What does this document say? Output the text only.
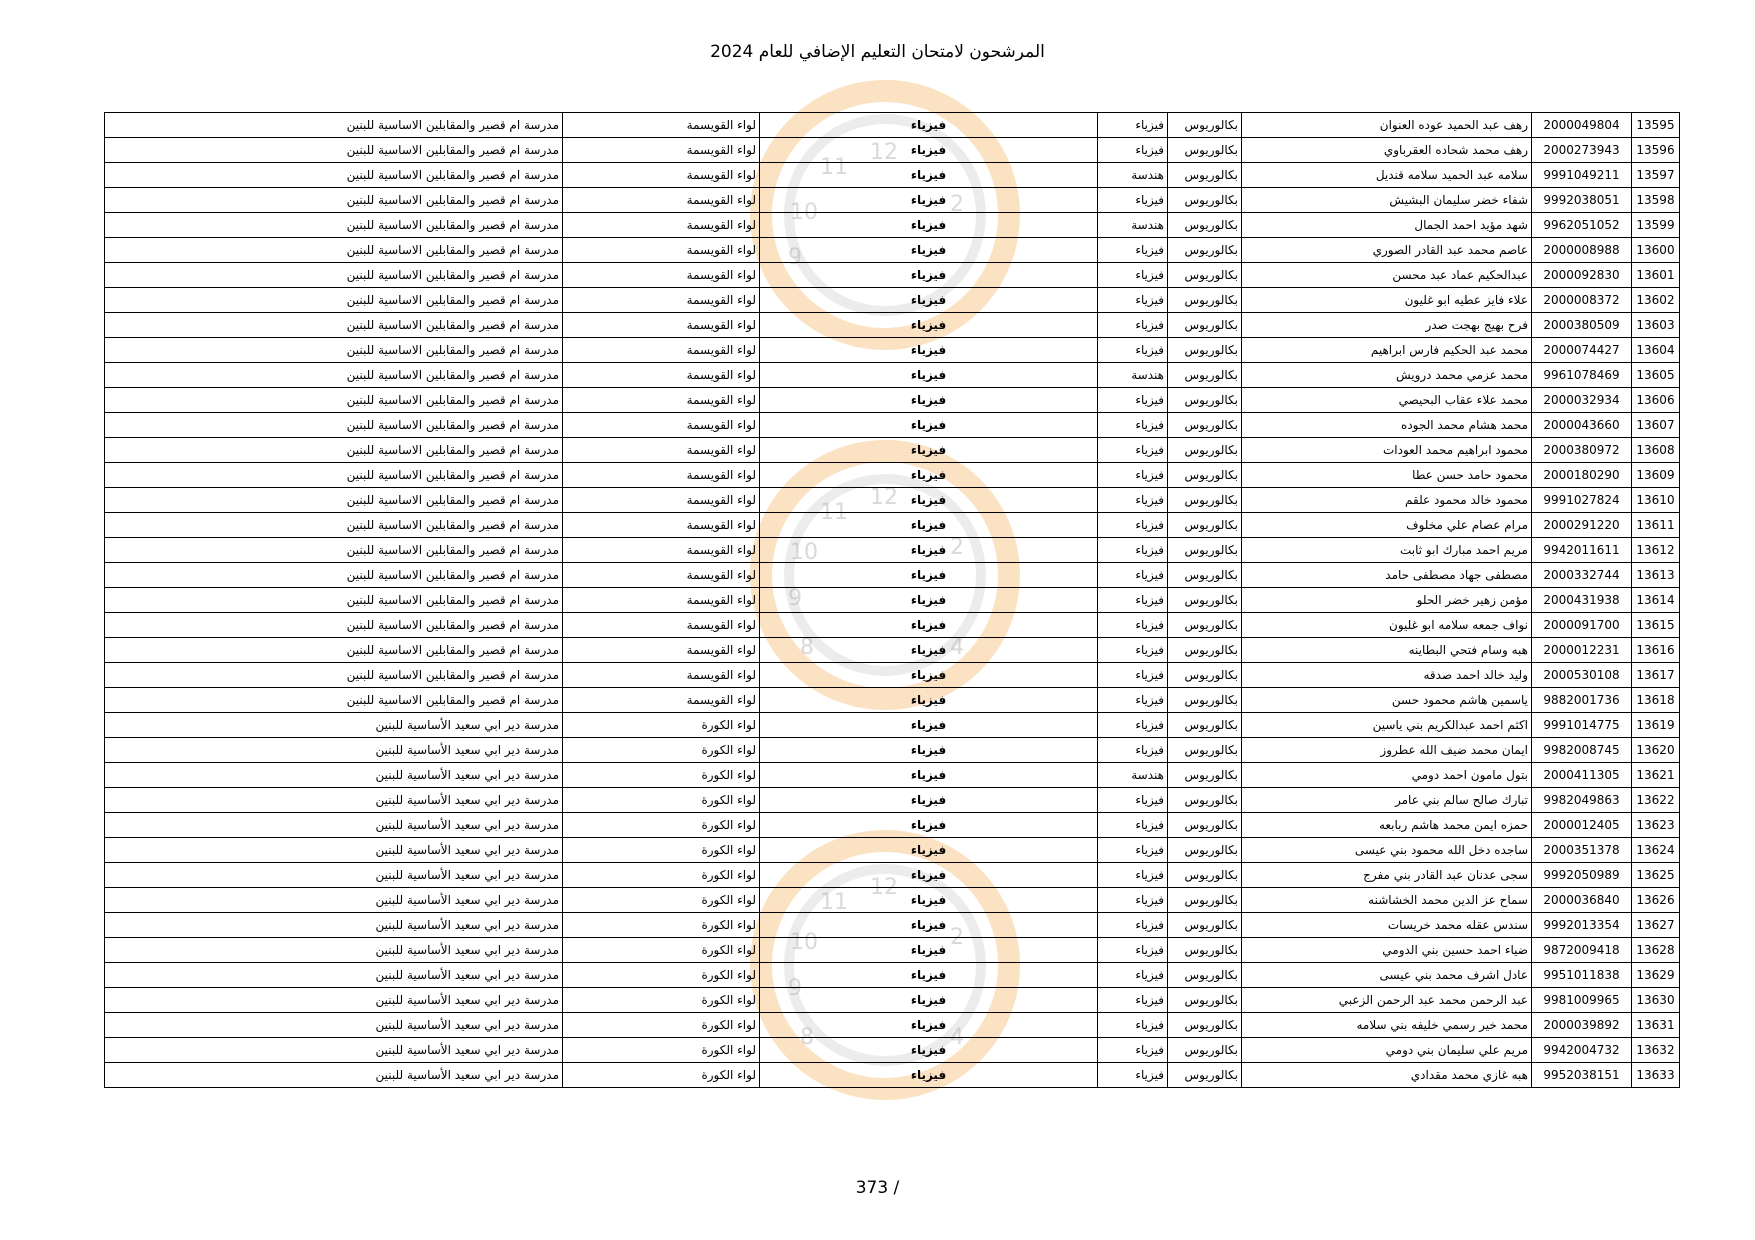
المرشحون لامتحان التعليم الإضافي للعام 2024
12
11
2
10
9
12
11
2
10
9
8	4
12
11
2
10
9
8	4
13595	2000049804	رهف عبد الحميد عوده العنوان	بكالوريوس	فيزياء	فيزياء	لواء القويسمة	مدرسة ام قصير والمقابلين الاساسية للبنين
13596	2000273943	رهف محمد شحاده العقرباوي	بكالوريوس	فيزياء	فيزياء	لواء القويسمة	مدرسة ام قصير والمقابلين الاساسية للبنين
13597	9991049211	سلامه عبد الحميد سلامه قنديل	بكالوريوس	هندسة	فيزياء	لواء القويسمة	مدرسة ام قصير والمقابلين الاساسية للبنين
13598	9992038051	شفاء خضر سليمان البشيش	بكالوريوس	فيزياء	فيزياء	لواء القويسمة	مدرسة ام قصير والمقابلين الاساسية للبنين
13599	9962051052	شهد مؤيد احمد الجمال	بكالوريوس	هندسة	فيزياء	لواء القويسمة	مدرسة ام قصير والمقابلين الاساسية للبنين
13600	2000008988	عاصم محمد عبد القادر الصوري	بكالوريوس	فيزياء	فيزياء	لواء القويسمة	مدرسة ام قصير والمقابلين الاساسية للبنين
13601	2000092830	عبدالحكيم عماد عبد محسن	بكالوريوس	فيزياء	فيزياء	لواء القويسمة	مدرسة ام قصير والمقابلين الاساسية للبنين
13602	2000008372	علاء فايز عطيه ابو غليون	بكالوريوس	فيزياء	فيزياء	لواء القويسمة	مدرسة ام قصير والمقابلين الاساسية للبنين
13603	2000380509	فرح بهيج بهجت صدر	بكالوريوس	فيزياء	فيزياء	لواء القويسمة	مدرسة ام قصير والمقابلين الاساسية للبنين
13604	2000074427	محمد عبد الحكيم فارس ابراهيم	بكالوريوس	فيزياء	فيزياء	لواء القويسمة	مدرسة ام قصير والمقابلين الاساسية للبنين
13605	9961078469	محمد عزمي محمد درويش	بكالوريوس	هندسة	فيزياء	لواء القويسمة	مدرسة ام قصير والمقابلين الاساسية للبنين
13606	2000032934	محمد علاء عقاب البحيصي	بكالوريوس	فيزياء	فيزياء	لواء القويسمة	مدرسة ام قصير والمقابلين الاساسية للبنين
13607	2000043660	محمد هشام محمد الجوده	بكالوريوس	فيزياء	فيزياء	لواء القويسمة	مدرسة ام قصير والمقابلين الاساسية للبنين
13608	2000380972	محمود ابراهيم محمد العودات	بكالوريوس	فيزياء	فيزياء	لواء القويسمة	مدرسة ام قصير والمقابلين الاساسية للبنين
13609	2000180290	محمود حامد حسن عطا	بكالوريوس	فيزياء	فيزياء	لواء القويسمة	مدرسة ام قصير والمقابلين الاساسية للبنين
13610	9991027824	محمود خالد محمود علقم	بكالوريوس	فيزياء	فيزياء	لواء القويسمة	مدرسة ام قصير والمقابلين الاساسية للبنين
13611	2000291220	مرام عصام علي مخلوف	بكالوريوس	فيزياء	فيزياء	لواء القويسمة	مدرسة ام قصير والمقابلين الاساسية للبنين
13612	9942011611	مريم احمد مبارك ابو ثابت	بكالوريوس	فيزياء	فيزياء	لواء القويسمة	مدرسة ام قصير والمقابلين الاساسية للبنين
13613	2000332744	مصطفى جهاد مصطفى حامد	بكالوريوس	فيزياء	فيزياء	لواء القويسمة	مدرسة ام قصير والمقابلين الاساسية للبنين
13614	2000431938	مؤمن زهير خضر الحلو	بكالوريوس	فيزياء	فيزياء	لواء القويسمة	مدرسة ام قصير والمقابلين الاساسية للبنين
13615	2000091700	نواف جمعه سلامه ابو غليون	بكالوريوس	فيزياء	فيزياء	لواء القويسمة	مدرسة ام قصير والمقابلين الاساسية للبنين
13616	2000012231	هبه وسام فتحي البطاينه	بكالوريوس	فيزياء	فيزياء	لواء القويسمة	مدرسة ام قصير والمقابلين الاساسية للبنين
13617	2000530108	وليد خالد احمد صدقه	بكالوريوس	فيزياء	فيزياء	لواء القويسمة	مدرسة ام قصير والمقابلين الاساسية للبنين
13618	9882001736	ياسمين هاشم محمود حسن	بكالوريوس	فيزياء	فيزياء	لواء القويسمة	مدرسة ام قصير والمقابلين الاساسية للبنين
13619	9991014775	اكثم احمد عبدالكريم بني ياسين	بكالوريوس	فيزياء	فيزياء	لواء الكورة	مدرسة دير ابي سعيد الأساسية للبنين
13620	9982008745	ايمان محمد ضيف الله عطروز	بكالوريوس	فيزياء	فيزياء	لواء الكورة	مدرسة دير ابي سعيد الأساسية للبنين
13621	2000411305	بتول مامون احمد دومي	بكالوريوس	هندسة	فيزياء	لواء الكورة	مدرسة دير ابي سعيد الأساسية للبنين
13622	9982049863	تبارك صالح سالم بني عامر	بكالوريوس	فيزياء	فيزياء	لواء الكورة	مدرسة دير ابي سعيد الأساسية للبنين
13623	2000012405	حمزه ايمن محمد هاشم ربابعه	بكالوريوس	فيزياء	فيزياء	لواء الكورة	مدرسة دير ابي سعيد الأساسية للبنين
13624	2000351378	ساجده دخل الله محمود بني عيسى	بكالوريوس	فيزياء	فيزياء	لواء الكورة	مدرسة دير ابي سعيد الأساسية للبنين
13625	9992050989	سجى عدنان عبد القادر بني مفرج	بكالوريوس	فيزياء	فيزياء	لواء الكورة	مدرسة دير ابي سعيد الأساسية للبنين
13626	2000036840	سماح عز الدين محمد الخشاشنه	بكالوريوس	فيزياء	فيزياء	لواء الكورة	مدرسة دير ابي سعيد الأساسية للبنين
13627	9992013354	سندس عقله محمد خريسات	بكالوريوس	فيزياء	فيزياء	لواء الكورة	مدرسة دير ابي سعيد الأساسية للبنين
13628	9872009418	ضياء احمد حسين بني الدومي	بكالوريوس	فيزياء	فيزياء	لواء الكورة	مدرسة دير ابي سعيد الأساسية للبنين
13629	9951011838	عادل اشرف محمد بني عيسى	بكالوريوس	فيزياء	فيزياء	لواء الكورة	مدرسة دير ابي سعيد الأساسية للبنين
13630	9981009965	عبد الرحمن محمد عبد الرحمن الزعبي	بكالوريوس	فيزياء	فيزياء	لواء الكورة	مدرسة دير ابي سعيد الأساسية للبنين
13631	2000039892	محمد خير رسمي خليفه بني سلامه	بكالوريوس	فيزياء	فيزياء	لواء الكورة	مدرسة دير ابي سعيد الأساسية للبنين
13632	9942004732	مريم علي سليمان بني دومي	بكالوريوس	فيزياء	فيزياء	لواء الكورة	مدرسة دير ابي سعيد الأساسية للبنين
13633	9952038151	هبه غازي محمد مقدادي	بكالوريوس	فيزياء	فيزياء	لواء الكورة	مدرسة دير ابي سعيد الأساسية للبنين
373 /
